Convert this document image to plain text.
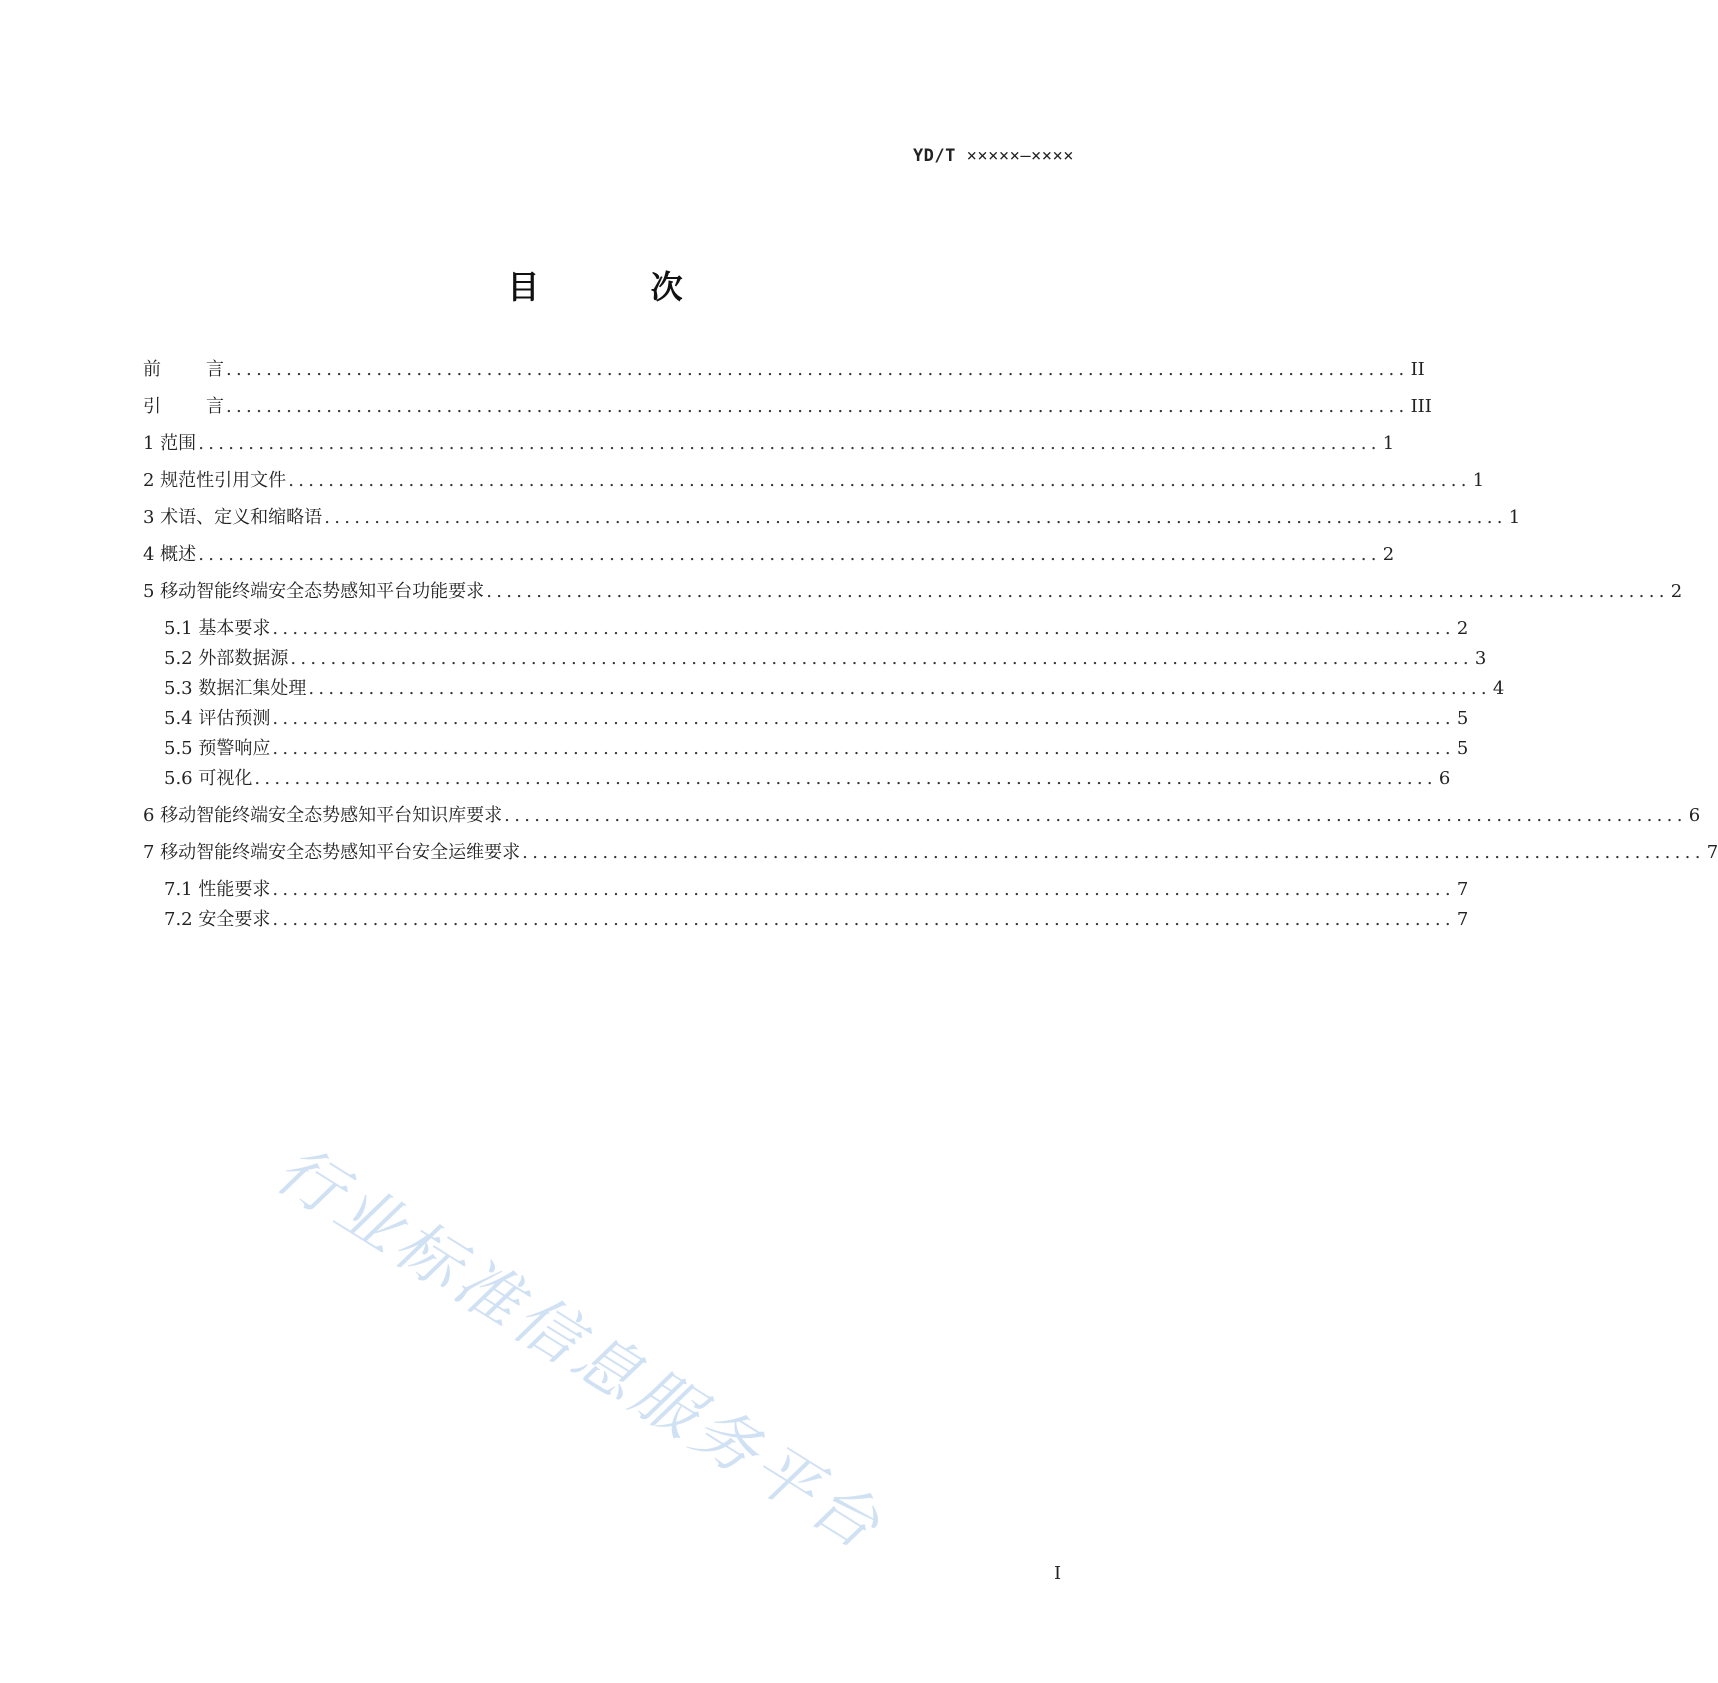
YD/T ×××××—××××
目 次
前言 ...................................................................................................................... II
引言 ...................................................................................................................... III
1 范围 ...................................................................................................................... 1
2 规范性引用文件 ...................................................................................................................... 1
3 术语、定义和缩略语 ...................................................................................................................... 1
4 概述 ...................................................................................................................... 2
5 移动智能终端安全态势感知平台功能要求 ...................................................................................................................... 2
5.1 基本要求 ...................................................................................................................... 2
5.2 外部数据源 ...................................................................................................................... 3
5.3 数据汇集处理 ...................................................................................................................... 4
5.4 评估预测 ...................................................................................................................... 5
5.5 预警响应 ...................................................................................................................... 5
5.6 可视化 ...................................................................................................................... 6
6 移动智能终端安全态势感知平台知识库要求 ...................................................................................................................... 6
7 移动智能终端安全态势感知平台安全运维要求 ...................................................................................................................... 7
7.1 性能要求 ...................................................................................................................... 7
7.2 安全要求 ...................................................................................................................... 7
行业标准信息服务平台
I
